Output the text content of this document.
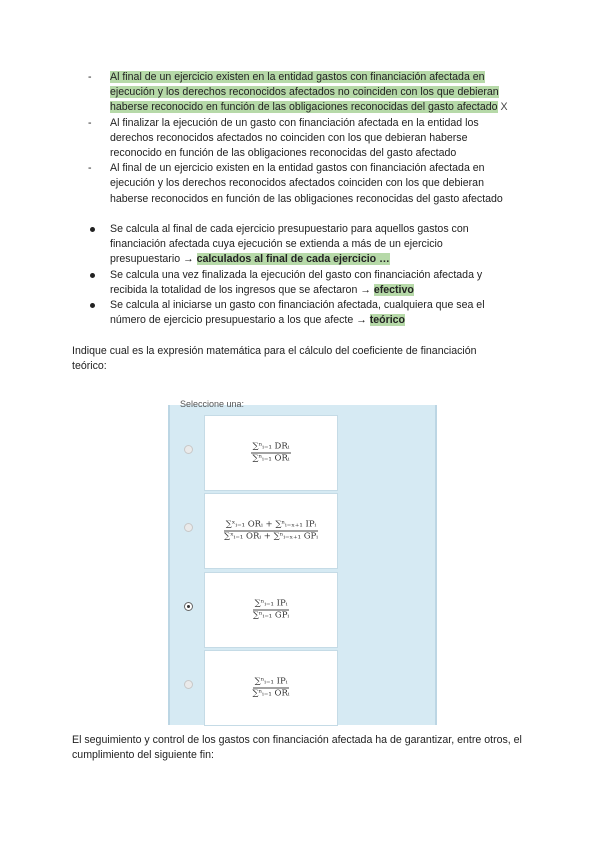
- Al final de un ejercicio existen en la entidad gastos con financiación afectada en ejecución y los derechos reconocidos afectados no coinciden con los que debieran haberse reconocido en función de las obligaciones reconocidas del gasto afectado X
- Al finalizar la ejecución de un gasto con financiación afectada en la entidad los derechos reconocidos afectados no coinciden con los que debieran haberse reconocido en función de las obligaciones reconocidas del gasto afectado
- Al final de un ejercicio existen en la entidad gastos con financiación afectada en ejecución y los derechos reconocidos afectados coinciden con los que debieran haberse reconocidos en función de las obligaciones reconocidas del gasto afectado
Se calcula al final de cada ejercicio presupuestario para aquellos gastos con financiación afectada cuya ejecución se extienda a más de un ejercicio presupuestario → calculados al final de cada ejercicio …
Se calcula una vez finalizada la ejecución del gasto con financiación afectada y recibida la totalidad de los ingresos que se afectaron → efectivo
Se calcula al iniciarse un gasto con financiación afectada, cualquiera que sea el número de ejercicio presupuestario a los que afecte → teórico
Indique cual es la expresión matemática para el cálculo del coeficiente de financiación teórico:
Seleccione una:
$\frac{\text{∑ⁿᵢ₌₁ DRᵢ}}{\text{∑ⁿᵢ₌₁ ORᵢ}}$
$\frac{\text{∑ˣᵢ₌₁ ORᵢ + ∑ⁿᵢ₌ₓ₊₁ IPᵢ}}{\text{∑ˣᵢ₌₁ ORᵢ + ∑ⁿᵢ₌ₓ₊₁ GPᵢ}}$
$\frac{\text{∑ⁿᵢ₌₁ IPᵢ}}{\text{∑ⁿᵢ₌₁ GPᵢ}}$
$\frac{\text{∑ⁿᵢ₌₁ IPᵢ}}{\text{∑ⁿᵢ₌₁ ORᵢ}}$
El seguimiento y control de los gastos con financiación afectada ha de garantizar, entre otros, el cumplimiento del siguiente fin:
